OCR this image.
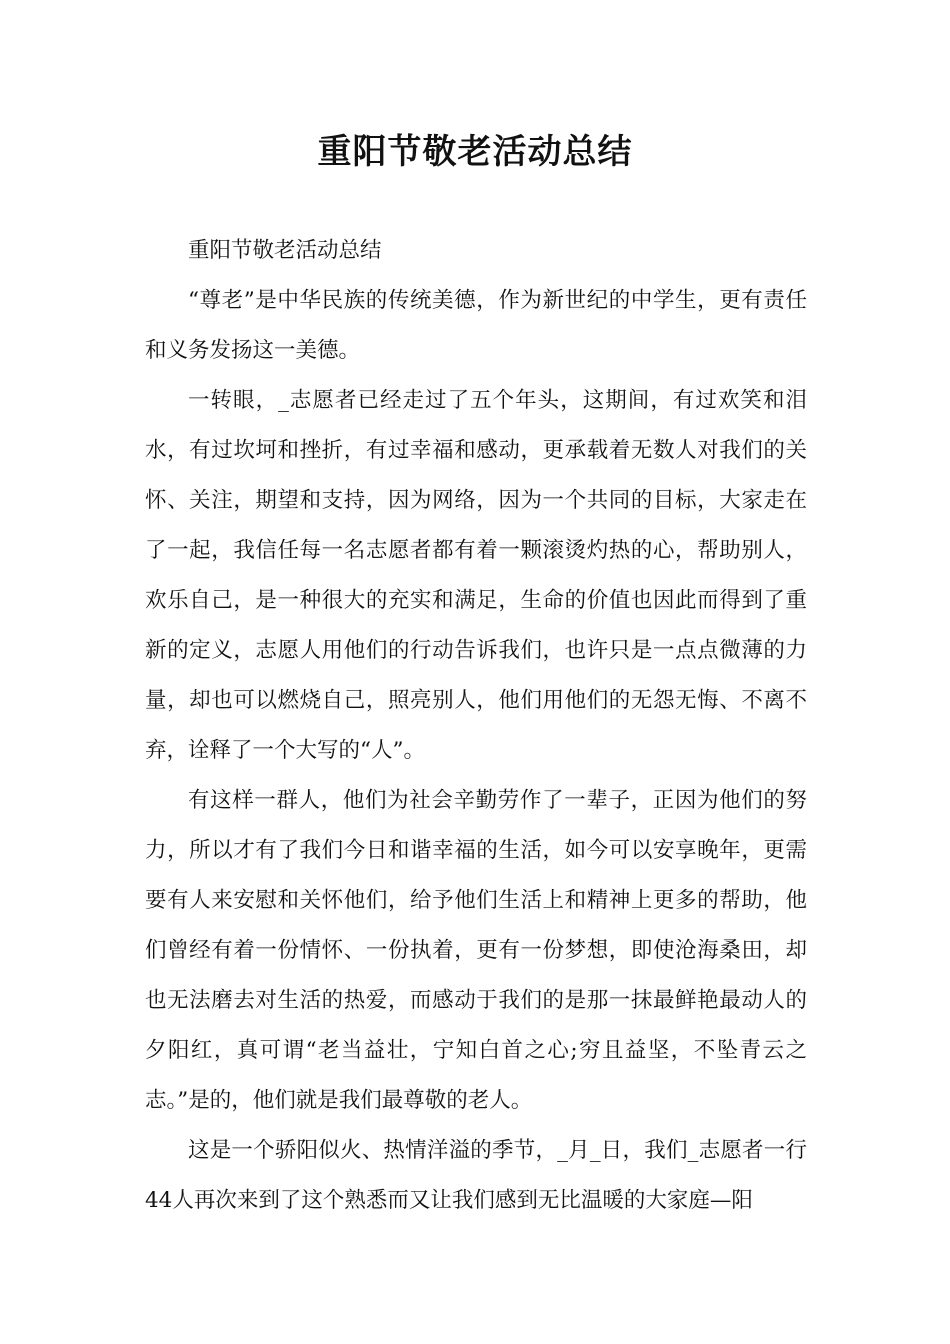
重阳节敬老活动总结

重阳节敬老活动总结

“尊老”是中华民族的传统美德，作为新世纪的中学生，更有责任和义务发扬这一美德。

一转眼，_志愿者已经走过了五个年头，这期间，有过欢笑和泪水，有过坎坷和挫折，有过幸福和感动，更承载着无数人对我们的关怀、关注，期望和支持，因为网络，因为一个共同的目标，大家走在了一起，我信任每一名志愿者都有着一颗滚烫灼热的心，帮助别人，欢乐自己，是一种很大的充实和满足，生命的价值也因此而得到了重新的定义，志愿人用他们的行动告诉我们，也许只是一点点微薄的力量，却也可以燃烧自己，照亮别人，他们用他们的无怨无悔、不离不弃，诠释了一个大写的“人”。

有这样一群人，他们为社会辛勤劳作了一辈子，正因为他们的努力，所以才有了我们今日和谐幸福的生活，如今可以安享晚年，更需要有人来安慰和关怀他们，给予他们生活上和精神上更多的帮助，他们曾经有着一份情怀、一份执着，更有一份梦想，即使沧海桑田，却也无法磨去对生活的热爱，而感动于我们的是那一抹最鲜艳最动人的夕阳红，真可谓“老当益壮，宁知白首之心;穷且益坚，不坠青云之志。”是的，他们就是我们最尊敬的老人。

这是一个骄阳似火、热情洋溢的季节，_月_日，我们_志愿者一行44人再次来到了这个熟悉而又让我们感到无比温暖的大家庭—阳
